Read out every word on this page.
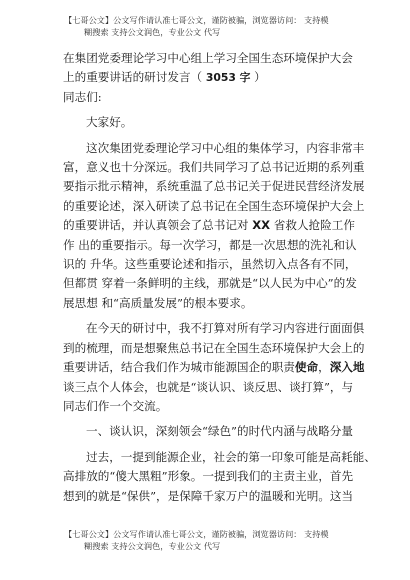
【七哥公文】公文写作请认准七哥公文，谨防被骗，浏览器访问： 支持模
糊搜索 支持公文润色，专业公文 代写

在集团党委理论学习中心组上学习全国生态环境保护大会
上的重要讲话的研讨发言（ 3053 字 ）

同志们:
大家好。
这次集团党委理论学习中心组的集体学习，内容非常丰
富，意义也十分深远。我们共同学习了总书记近期的系列重
要指示批示精神，系统重温了总书记关于促进民营经济发展
的重要论述，深入研读了总书记在全国生态环境保护大会上
的重要讲话，并认真领会了总书记对 XX 省救人抢险工作
作 出的重要指示。每一次学习，都是一次思想的洗礼和认
识的 升华。这些重要论述和指示，虽然切入点各有不同，
但都贯 穿着一条鲜明的主线，那就是“以人民为中心”的发
展思想 和“高质量发展”的根本要求。
在今天的研讨中，我不打算对所有学习内容进行面面俱
到的梳理，而是想聚焦总书记在全国生态环境保护大会上的
重要讲话，结合我们作为城市能源国企的职责使命，深入地
谈三点个人体会，也就是“谈认识、谈反思、谈打算”，与
同志们作一个交流。
一、谈认识，深刻领会“绿色”的时代内涵与战略分量
过去，一提到能源企业，社会的第一印象可能是高耗能、
高排放的“傻大黑粗”形象。一提到我们的主责主业，首先
想到的就是“保供”，是保障千家万户的温暖和光明。这当
【七哥公文】公文写作请认准七哥公文，谨防被骗，浏览器访问： 支持模
糊搜索 支持公文润色，专业公文 代写
